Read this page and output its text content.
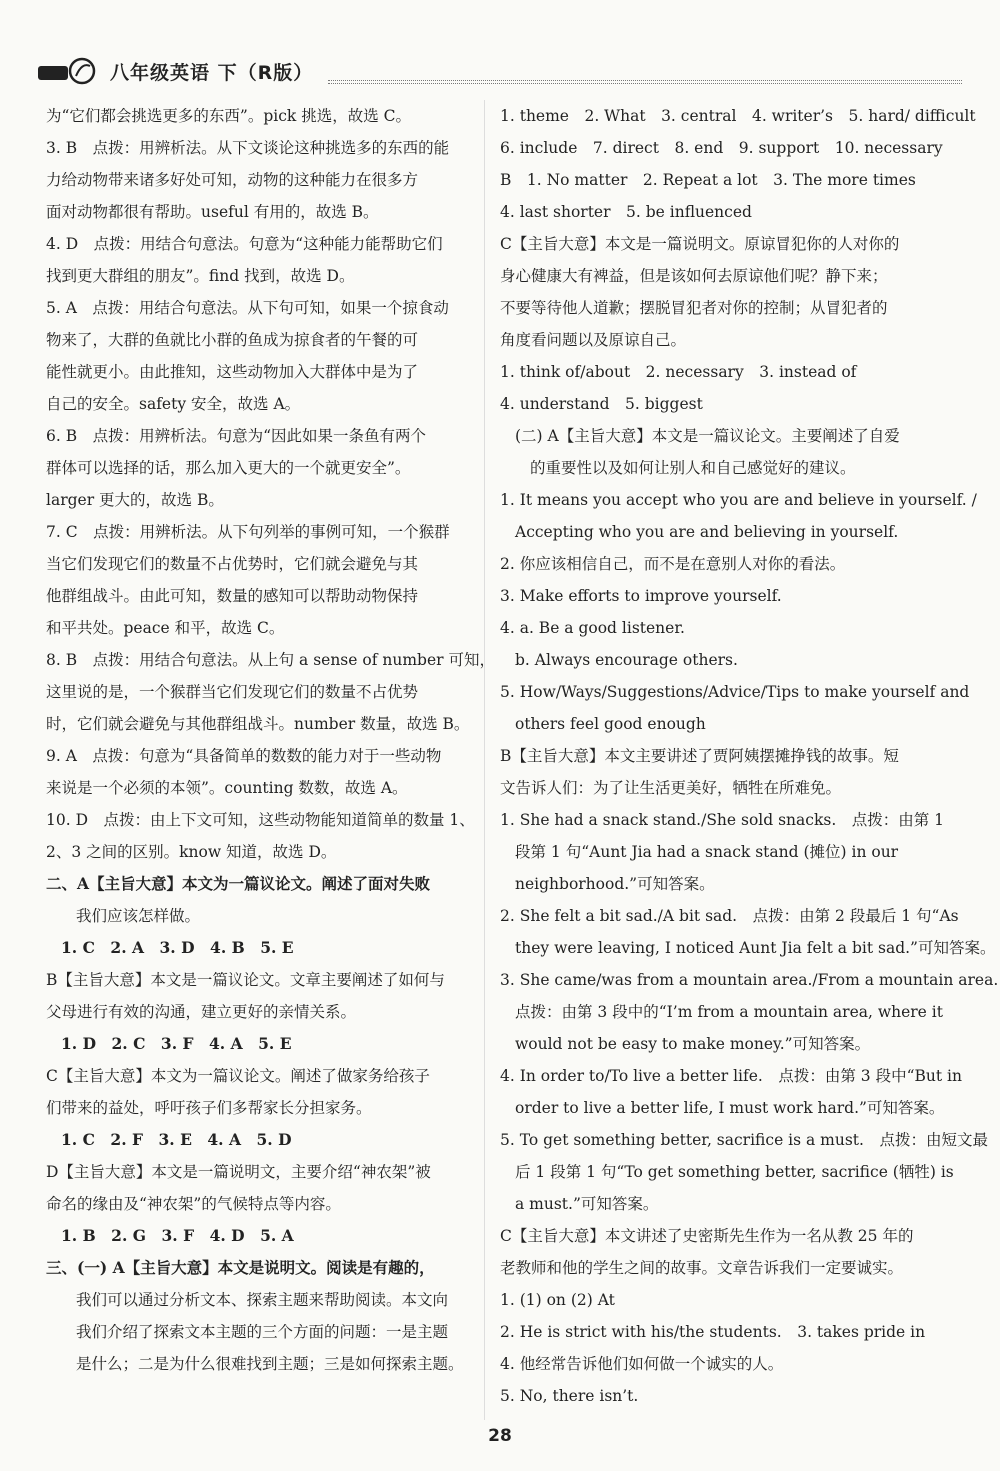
八年级英语 下（R版）

为“它们都会挑选更多的东西”。pick 挑选，故选 C。

3. B　点拨：用辨析法。从下文谈论这种挑选多的东西的能

力给动物带来诸多好处可知，动物的这种能力在很多方

面对动物都很有帮助。useful 有用的，故选 B。

4. D　点拨：用结合句意法。句意为“这种能力能帮助它们

找到更大群组的朋友”。find 找到，故选 D。

5. A　点拨：用结合句意法。从下句可知，如果一个掠食动

物来了，大群的鱼就比小群的鱼成为掠食者的午餐的可

能性就更小。由此推知，这些动物加入大群体中是为了

自己的安全。safety 安全，故选 A。

6. B　点拨：用辨析法。句意为“因此如果一条鱼有两个

群体可以选择的话，那么加入更大的一个就更安全”。

larger 更大的，故选 B。

7. C　点拨：用辨析法。从下句列举的事例可知，一个猴群

当它们发现它们的数量不占优势时，它们就会避免与其

他群组战斗。由此可知，数量的感知可以帮助动物保持

和平共处。peace 和平，故选 C。

8. B　点拨：用结合句意法。从上句 a sense of number 可知，

这里说的是，一个猴群当它们发现它们的数量不占优势

时，它们就会避免与其他群组战斗。number 数量，故选 B。

9. A　点拨：句意为“具备简单的数数的能力对于一些动物

来说是一个必须的本领”。counting 数数，故选 A。

10. D　点拨：由上下文可知，这些动物能知道简单的数量 1、

2、3 之间的区别。know 知道，故选 D。

二、A【主旨大意】本文为一篇议论文。阐述了面对失败

我们应该怎样做。

1. C　2. A　3. D　4. B　5. E

B【主旨大意】本文是一篇议论文。文章主要阐述了如何与

父母进行有效的沟通，建立更好的亲情关系。

1. D　2. C　3. F　4. A　5. E

C【主旨大意】本文为一篇议论文。阐述了做家务给孩子

们带来的益处，呼吁孩子们多帮家长分担家务。

1. C　2. F　3. E　4. A　5. D

D【主旨大意】本文是一篇说明文，主要介绍“神农架”被

命名的缘由及“神农架”的气候特点等内容。

1. B　2. G　3. F　4. D　5. A

三、(一) A【主旨大意】本文是说明文。阅读是有趣的，

我们可以通过分析文本、探索主题来帮助阅读。本文向

我们介绍了探索文本主题的三个方面的问题：一是主题

是什么；二是为什么很难找到主题；三是如何探索主题。

1. theme　2. What　3. central　4. writer’s　5. hard/ difficult

6. include　7. direct　8. end　9. support　10. necessary

B　1. No matter　2. Repeat a lot　3. The more times

4. last shorter　5. be influenced

C【主旨大意】本文是一篇说明文。原谅冒犯你的人对你的

身心健康大有裨益，但是该如何去原谅他们呢？静下来；

不要等待他人道歉；摆脱冒犯者对你的控制；从冒犯者的

角度看问题以及原谅自己。

1. think of/about　2. necessary　3. instead of

4. understand　5. biggest

(二) A【主旨大意】本文是一篇议论文。主要阐述了自爱

的重要性以及如何让别人和自己感觉好的建议。

1. It means you accept who you are and believe in yourself. /

Accepting who you are and believing in yourself.

2. 你应该相信自己，而不是在意别人对你的看法。

3. Make efforts to improve yourself.

4. a. Be a good listener.

b. Always encourage others.

5. How/Ways/Suggestions/Advice/Tips to make yourself and

others feel good enough

B【主旨大意】本文主要讲述了贾阿姨摆摊挣钱的故事。短

文告诉人们：为了让生活更美好，牺牲在所难免。

1. She had a snack stand./She sold snacks.　点拨：由第 1

段第 1 句“Aunt Jia had a snack stand (摊位) in our

neighborhood.”可知答案。

2. She felt a bit sad./A bit sad.　点拨：由第 2 段最后 1 句“As

they were leaving, I noticed Aunt Jia felt a bit sad.”可知答案。

3. She came/was from a mountain area./From a mountain area.

点拨：由第 3 段中的“I’m from a mountain area, where it

would not be easy to make money.”可知答案。

4. In order to/To live a better life.　点拨：由第 3 段中“But in

order to live a better life, I must work hard.”可知答案。

5. To get something better, sacrifice is a must.　点拨：由短文最

后 1 段第 1 句“To get something better, sacrifice (牺牲) is

a must.”可知答案。

C【主旨大意】本文讲述了史密斯先生作为一名从教 25 年的

老教师和他的学生之间的故事。文章告诉我们一定要诚实。

1. (1) on (2) At

2. He is strict with his/the students.　3. takes pride in

4. 他经常告诉他们如何做一个诚实的人。

5. No, there isn’t.

28
